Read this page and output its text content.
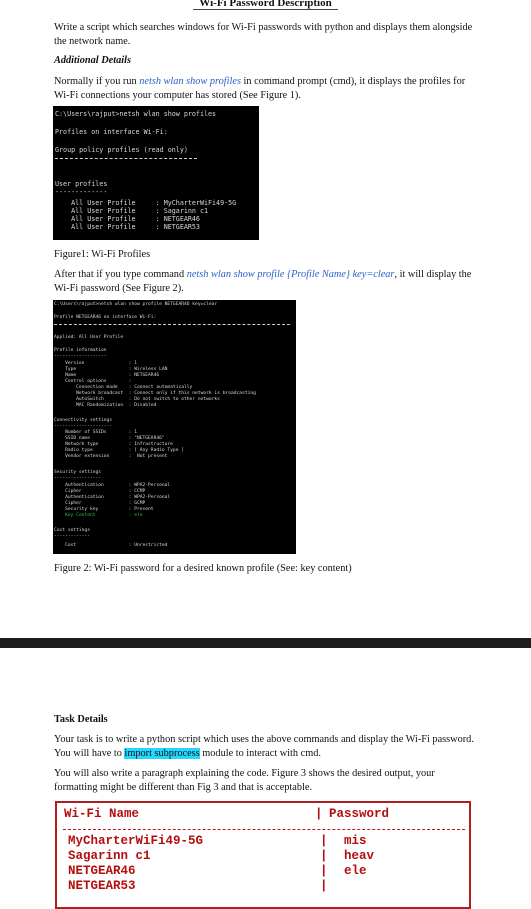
Wi-Fi Password Description

Write a script which searches windows for Wi-Fi passwords with python and displays them alongside the network name.

Additional Details

Normally if you run netsh wlan show profiles in command prompt (cmd), it displays the profiles for Wi-Fi connections your computer has stored (See Figure 1).

C:\Users\rajput>netsh wlan show profiles
Profiles on interface Wi-Fi:
Group policy profiles (read only)
User profiles
-------------
All User Profile     : MyCharterWiFi49-5G
All User Profile     : Sagarinn c1
All User Profile     : NETGEAR46
All User Profile     : NETGEAR53

Figure1: Wi-Fi Profiles

After that if you type command netsh wlan show profile {Profile Name} key=clear, it will display the Wi-Fi password (See Figure 2).

C:\Users\rajput>netsh wlan show profile NETGEAR46 key=clear
Profile NETGEAR46 on interface Wi-Fi:
Applied: All User Profile
Profile information
-------------------
Version                : 1
Type                   : Wireless LAN
Name                   : NETGEAR46
Control options        :
Connection mode    : Connect automatically
Network broadcast  : Connect only if this network is broadcasting
AutoSwitch         : Do not switch to other networks
MAC Randomization  : Disabled
Connectivity settings
---------------------
Number of SSIDs        : 1
SSID name              : "NETGEAR46"
Network type           : Infrastructure
Radio type             : [ Any Radio Type ]
Vendor extension       :  Not present
Security settings
-----------------
Authentication         : WPA2-Personal
Cipher                 : CCMP
Authentication         : WPA2-Personal
Cipher                 : GCMP
Security key           : Present
Key Content            : ele
Cost settings
-------------
Cost                   : Unrestricted

Figure 2: Wi-Fi password for a desired known profile (See: key content)

Task Details

Your task is to write a python script which uses the above commands and display the Wi-Fi password. You will have to import subprocess module to interact with cmd.

You will also write a paragraph explaining the code. Figure 3 shows the desired output, your formatting might be different than Fig 3 and that is acceptable.

Wi-Fi Name	| Password
MyCharterWiFi49-5G	| mis
Sagarinn c1	| heav
NETGEAR46	| ele
NETGEAR53	|
